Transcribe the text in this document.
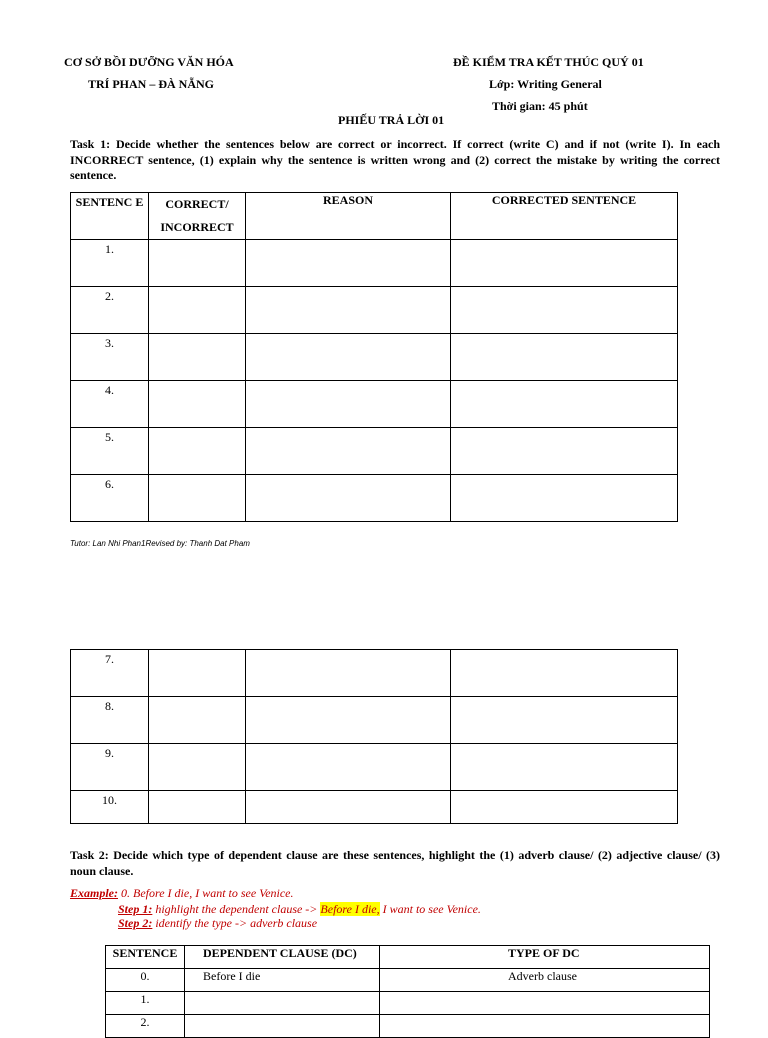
CƠ SỞ BỒI DƯỠNG VĂN HÓA
TRÍ PHAN – ĐÀ NẴNG
ĐỀ KIỂM TRA KẾT THÚC QUÝ 01
Lớp: Writing General
Thời gian: 45 phút
PHIẾU TRẢ LỜI 01
Task 1: Decide whether the sentences below are correct or incorrect. If correct (write C) and if not (write I). In each INCORRECT sentence, (1) explain why the sentence is written wrong and (2) correct the mistake by writing the correct sentence.
SENTENC E	CORRECT/ INCORRECT	REASON	CORRECTED SENTENCE
1.			
2.			
3.			
4.			
5.			
6.			
Tutor: Lan Nhi Phan1Revised by: Thanh Dat Pham
7.			
8.			
9.			
10.			
Task 2: Decide which type of dependent clause are these sentences, highlight the (1) adverb clause/ (2) adjective clause/ (3) noun clause.
Example: 0. Before I die, I want to see Venice.
Step 1: highlight the dependent clause -> Before I die, I want to see Venice.
Step 2: identify the type -> adverb clause
SENTENCE	DEPENDENT CLAUSE (DC)	TYPE OF DC
0.	Before I die	Adverb clause
1.		
2.		
